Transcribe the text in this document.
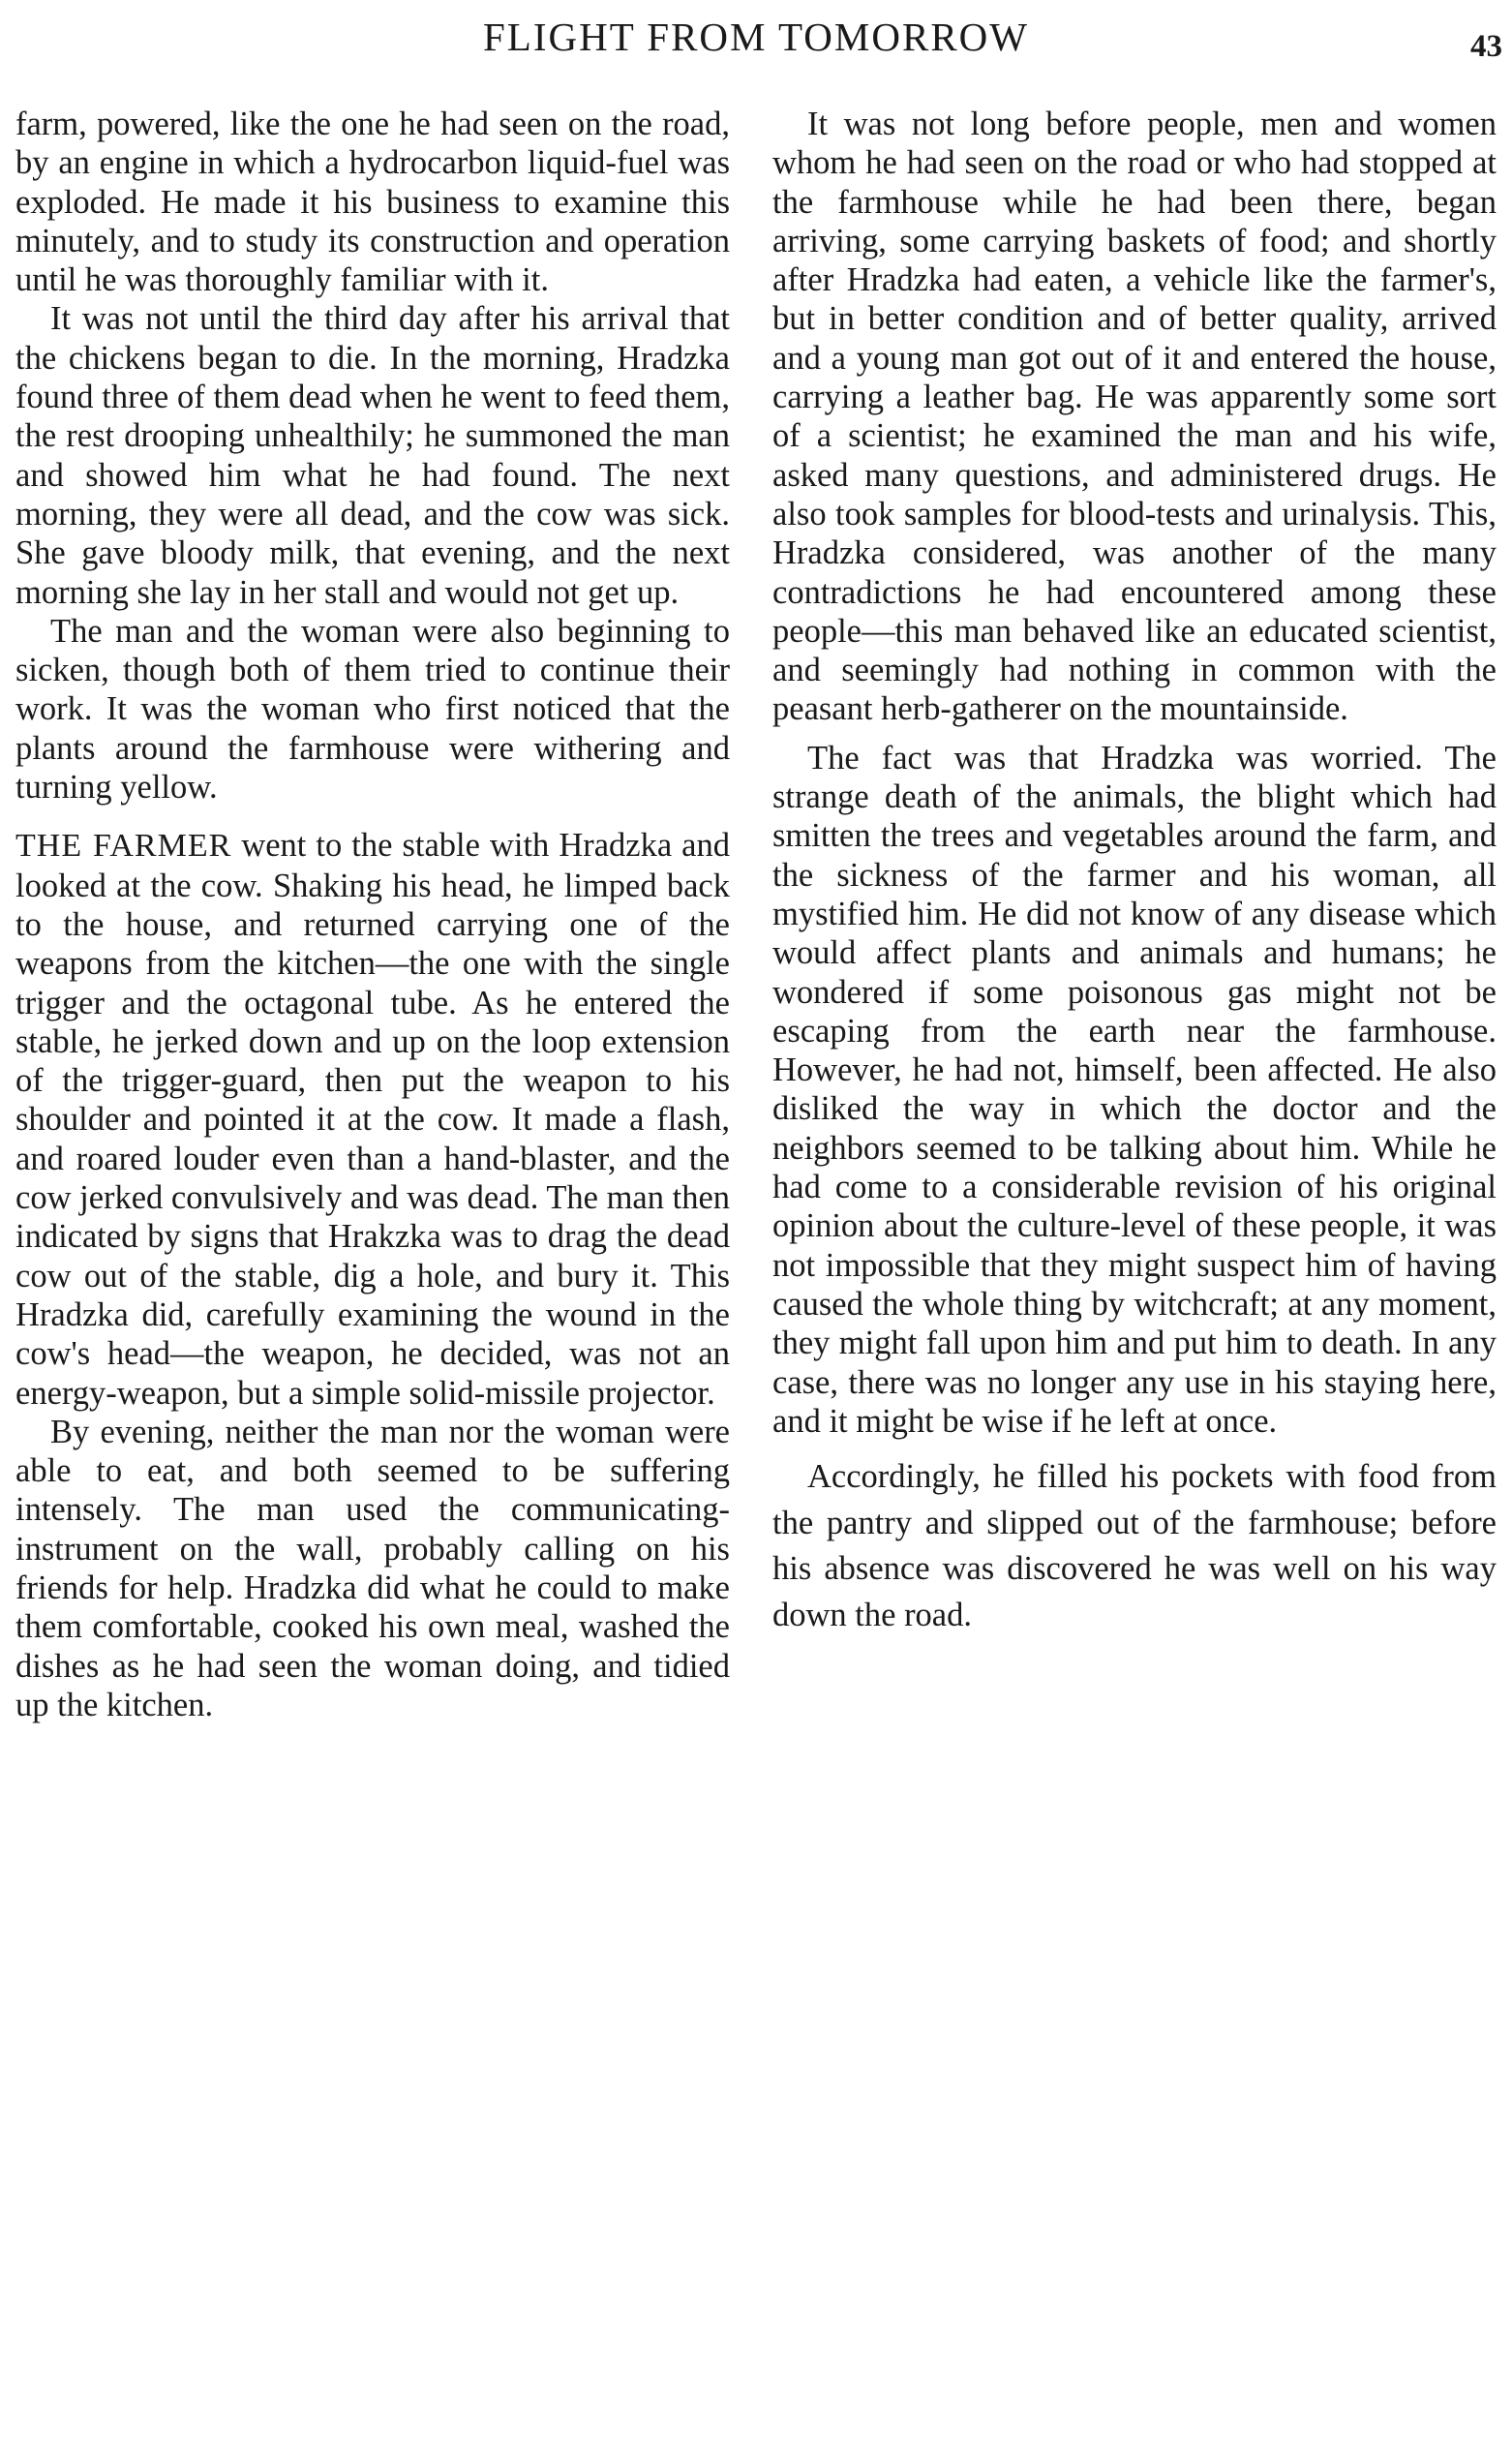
FLIGHT FROM TOMORROW	43

farm, powered, like the one he had seen on the road, by an engine in which a hydrocarbon liquid-fuel was exploded. He made it his business to examine this minutely, and to study its construction and operation until he was thoroughly familiar with it.

It was not until the third day after his arrival that the chickens began to die. In the morning, Hradzka found three of them dead when he went to feed them, the rest drooping unhealthily; he summoned the man and showed him what he had found. The next morning, they were all dead, and the cow was sick. She gave bloody milk, that evening, and the next morning she lay in her stall and would not get up.

The man and the woman were also beginning to sicken, though both of them tried to continue their work. It was the woman who first noticed that the plants around the farmhouse were withering and turning yellow.

THE FARMER went to the stable with Hradzka and looked at the cow. Shaking his head, he limped back to the house, and returned carrying one of the weapons from the kitchen—the one with the single trigger and the octagonal tube. As he entered the stable, he jerked down and up on the loop extension of the trigger-guard, then put the weapon to his shoulder and pointed it at the cow. It made a flash, and roared louder even than a hand-blaster, and the cow jerked convulsively and was dead. The man then indicated by signs that Hrakzka was to drag the dead cow out of the stable, dig a hole, and bury it. This Hradzka did, carefully examining the wound in the cow's head—the weapon, he decided, was not an energy-weapon, but a simple solid-missile projector.

By evening, neither the man nor the woman were able to eat, and both seemed to be suffering intensely. The man used the communicating-instrument on the wall, probably calling on his friends for help. Hradzka did what he could to make them comfortable, cooked his own meal, washed the dishes as he had seen the woman doing, and tidied up the kitchen.

It was not long before people, men and women whom he had seen on the road or who had stopped at the farmhouse while he had been there, began arriving, some carrying baskets of food; and shortly after Hradzka had eaten, a vehicle like the farmer's, but in better condition and of better quality, arrived and a young man got out of it and entered the house, carrying a leather bag. He was apparently some sort of a scientist; he examined the man and his wife, asked many questions, and administered drugs. He also took samples for blood-tests and urinalysis. This, Hradzka considered, was another of the many contradictions he had encountered among these people—this man behaved like an educated scientist, and seemingly had nothing in common with the peasant herb-gatherer on the mountainside.

The fact was that Hradzka was worried. The strange death of the animals, the blight which had smitten the trees and vegetables around the farm, and the sickness of the farmer and his woman, all mystified him. He did not know of any disease which would affect plants and animals and humans; he wondered if some poisonous gas might not be escaping from the earth near the farmhouse. However, he had not, himself, been affected. He also disliked the way in which the doctor and the neighbors seemed to be talking about him. While he had come to a considerable revision of his original opinion about the culture-level of these people, it was not impossible that they might suspect him of having caused the whole thing by witchcraft; at any moment, they might fall upon him and put him to death. In any case, there was no longer any use in his staying here, and it might be wise if he left at once.

Accordingly, he filled his pockets with food from the pantry and slipped out of the farmhouse; before his absence was discovered he was well on his way down the road.
